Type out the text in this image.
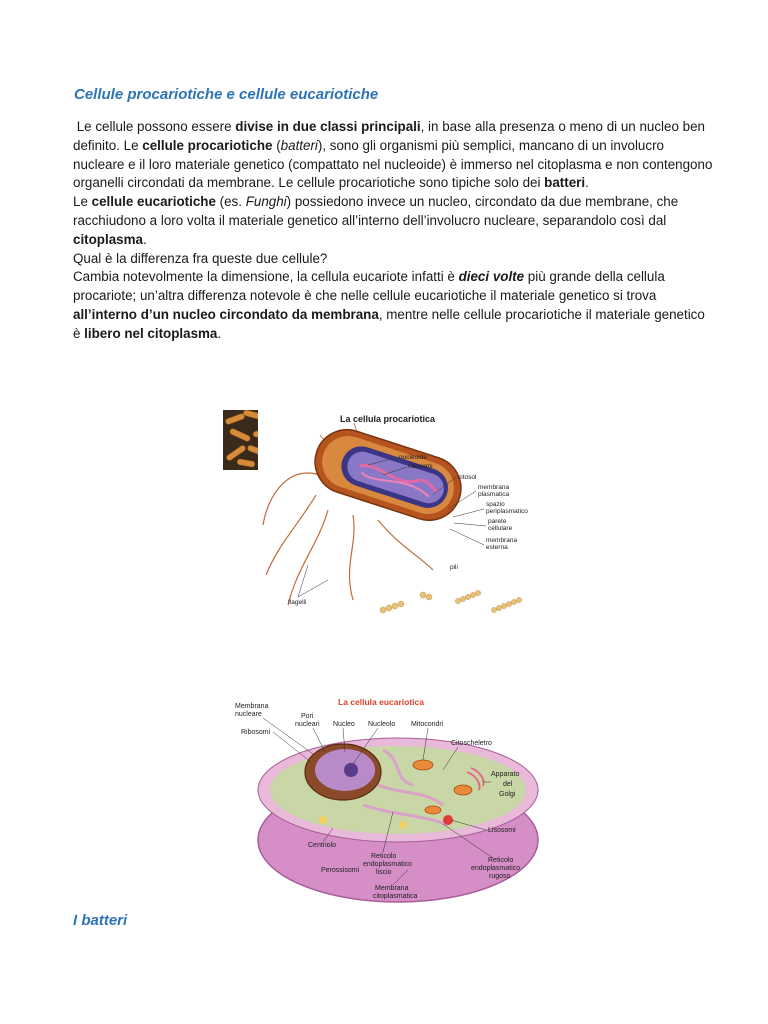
Cellule procariotiche e cellule eucariotiche

Le cellule possono essere divise in due classi principali, in base alla presenza o meno di un nucleo ben definito. Le cellule procariotiche (batteri), sono gli organismi più semplici, mancano di un involucro nucleare e il loro materiale genetico (compattato nel nucleoide) è immerso nel citoplasma e non contengono organelli circondati da membrane. Le cellule procariotiche sono tipiche solo dei batteri.

Le cellule eucariotiche (es. Funghi) possiedono invece un nucleo, circondato da due membrane, che racchiudono a loro volta il materiale genetico all’interno dell’involucro nucleare, separandolo così dal citoplasma.

Qual è la differenza fra queste due cellule?

Cambia notevolmente la dimensione, la cellula eucariote infatti è dieci volte più grande della cellula procariote; un’altra differenza notevole è che nelle cellule eucariotiche il materiale genetico si trova all’interno d’un nucleo circondato da membrana, mentre nelle cellule procariotiche il materiale genetico è libero nel citoplasma.

La cellula procariotica
nucleoide
ribosomi
citosol
membrana
plasmatica
spazio
periplasmatico
parete
cellulare
membrana
esterna
pili
flagelli
La cellula eucariotica
Membrana
nucleare	Pori
nucleari Nucleo Nucleolo Mitocondri
Ribosomi
Citoscheletro
Apparato
del
Golgi
Lisosomi
Centriolo
Reticolo
endoplasmatico
liscio
Reticolo
endoplasmatico
rugoso
Perossisomi
Membrana
citoplasmatica
I batteri
